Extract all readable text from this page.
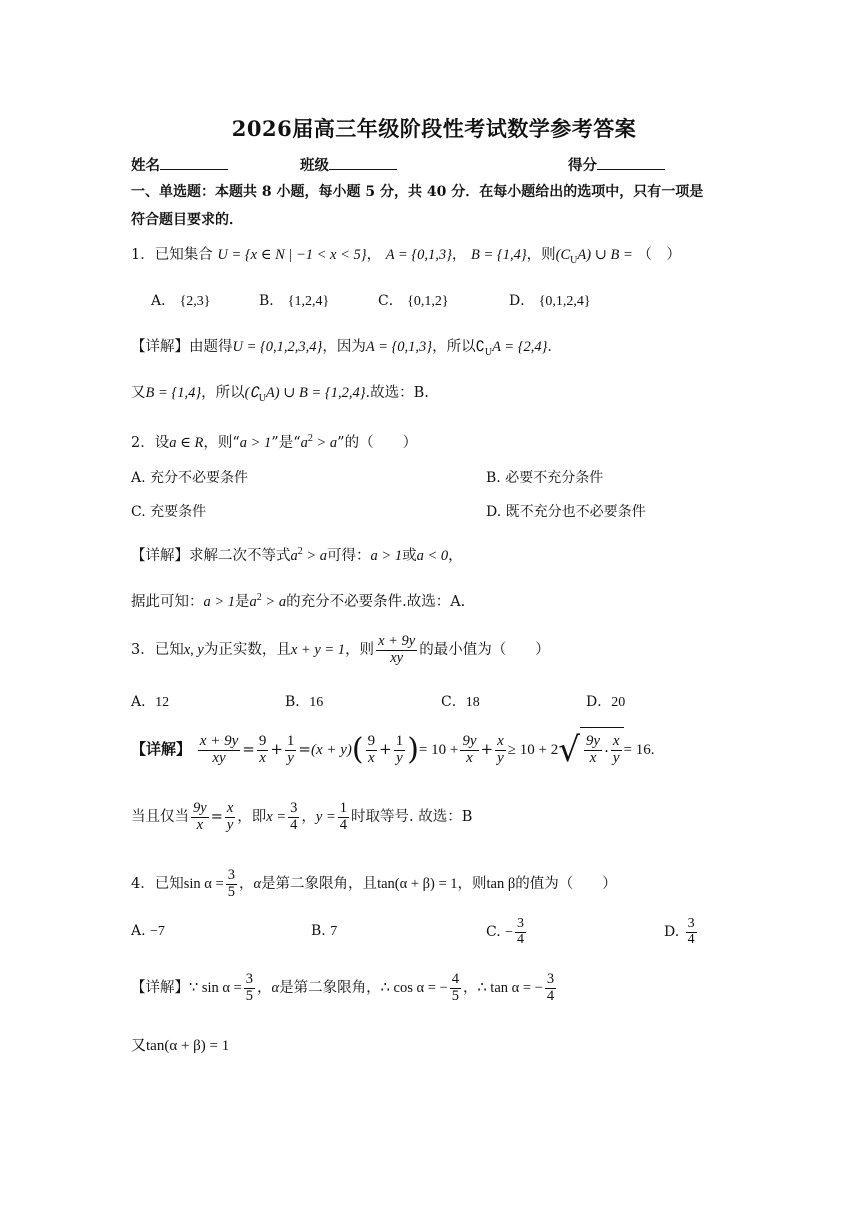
2026届高三年级阶段性考试数学参考答案
姓名	班级	得分
一、单选题：本题共 8 小题，每小题 5 分，共 40 分．在每小题给出的选项中，只有一项是
符合题目要求的．
1．已知集合 U = {x ∈ N | −1 < x < 5}， A = {0,1,3}， B = {1,4}，则$(C_UA)$ ∪ B = （　）
A． {2,3}	B． {1,2,4}	C． {0,1,2}	D． {0,1,2,4}
【详解】由题得U = {0,1,2,3,4}，因为A = {0,1,3}，所以$∁_UA = \{2,4\}$．
又B = {1,4}，所以$(∁_UA)$ ∪ B = {1,2,4}.故选：B.
2．设a ∈ R，则“a > 1”是“$a^2 > a$”的（　　）
A. 充分不必要条件	B. 必要不充分条件
C. 充要条件	D. 既不充分也不必要条件
【详解】求解二次不等式$a^2 > a$可得：a > 1或a < 0，
据此可知：a > 1是$a^2 > a$的充分不必要条件.故选：A.
3．已知x, y为正实数，且x + y = 1，则 $\frac{x + 9y}{xy}$ 的最小值为（　　）
A．12	B．16	C．18	D．20
【详解】 $\frac{x + 9y}{xy} = \frac{9}{x} + \frac{1}{y} =(x + y)( \frac{9}{x} + \frac{1}{y}$ )= $10 + \frac{9y}{x} + \frac{x}{y} \ge 10 + 2$ √ $\frac{9y}{x} \cdot \frac{x}{y} = 16$.
当且仅当 $\frac{9y}{x} = \frac{x}{y}$ ，即$x = \frac{3}{4}$ ，$y = \frac{1}{4}$ 时取等号. 故选：B
4．已知$\sin \alpha = \frac{3}{5}$ ，α是第二象限角，且tan(α + β) = 1，则tan β的值为（　　）
A. −7	B. 7	C. − $\frac{3}{4}$	D. $\frac{3}{4}$
【详解】∵ $\sin \alpha = \frac{3}{5}$ ，α是第二象限角，∴ cos α = − $\frac{4}{5}$ ，∴ tan α = − $\frac{3}{4}$
又tan(α + β) = 1
